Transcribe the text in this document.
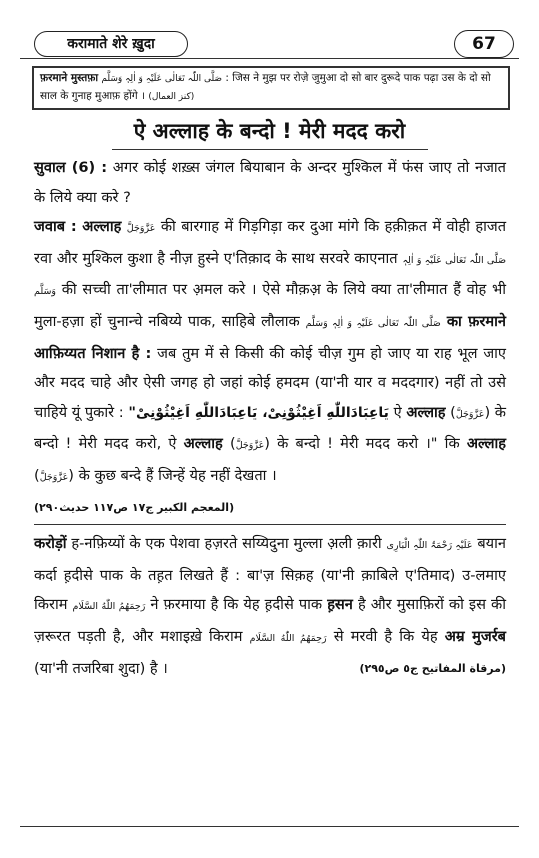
करामाते शेरे ख़ुदा	67
फ़रमाने मुस्तफ़ा صَلَّی اللّٰہ تَعَالٰی عَلَیْہِ وَ اٰلِہٖ وَسَلَّم : जिस ने मुझ पर रोज़े जुमुआ दो सो बार दुरूदे पाक पढ़ा उस के दो सो साल के गुनाह मुआफ़ होंगे । (کنز العمال)
ऐ अल्लाह के बन्दो ! मेरी मदद करो

सुवाल (6) : अगर कोई शख़्स जंगल बियाबान के अन्दर मुश्किल में फंस जाए तो नजात के लिये क्या करे ?

जवाब : अल्लाह عَزَّوَجَلَّ की बारगाह में गिड़गिड़ा कर दुआ मांगे कि हक़ीक़त में वोही हाजत रवा और मुश्किल कुशा है नीज़ हुस्ने ए'तिक़ाद के साथ सरवरे काएनात صَلَّی اللّٰہ تَعَالٰی عَلَیْہِ وَ اٰلِہٖ وَسَلَّم की सच्ची ता'लीमात पर अ़मल करे । ऐसे मौक़अ़ के लिये क्या ता'लीमात हैं वोह भी मुला-हज़ा हों चुनान्चे नबिय्ये पाक, साहिबे लौलाक صَلَّی اللّٰہ تَعَالٰی عَلَیْہِ وَ اٰلِہٖ وَسَلَّم का फ़रमाने आफ़िय्यत निशान है : जब तुम में से किसी की कोई चीज़ गुम हो जाए या राह भूल जाए और मदद चाहे और ऐसी जगह हो जहां कोई हमदम (या'नी यार व मददगार) नहीं तो उसे चाहिये यूं पुकारे : "يَاعِبَادَاللّٰهِ اَغِيْثُوْنِىْ، يَاعِبَادَاللّٰهِ اَغِيْثُوْنِىْ ऐ अल्लाह (عَزَّوَجَلَّ) के बन्दो ! मेरी मदद करो, ऐ अल्लाह (عَزَّوَجَلَّ) के बन्दो ! मेरी मदद करो ।" कि अल्लाह (عَزَّوَجَلَّ) के कुछ बन्दे हैं जिन्हें येह नहीं देखता ।

(المعجم الكبير ج١٧ ص١١٧ حديث٢٩٠)

करोड़ों ह-नफ़िय्यों के एक पेशवा हज़रते सय्यिदुना मुल्ला अ़ली क़ारी عَلَیْہِ رَحْمَۃُ اللّٰہِ الْبَارِی बयान कर्दा ह़दीसे पाक के तह़त लिखते हैं : बा'ज़ सिक़ह (या'नी क़ाबिले ए'तिमाद) उ-लमाए किराम رَحِمَهُمُ اللّٰهُ السَّلَام ने फ़रमाया है कि येह ह़दीसे पाक ह़सन है और मुसाफ़िरों को इस की ज़रूरत पड़ती है, और मशाइख़े किराम رَحِمَهُمُ اللّٰهُ السَّلَام से मरवी है कि येह अम्र मुजर्रब (या'नी तजरिबा शुदा) है ।	(مرقاة المفاتيح ج٥ ص٢٩٥)
